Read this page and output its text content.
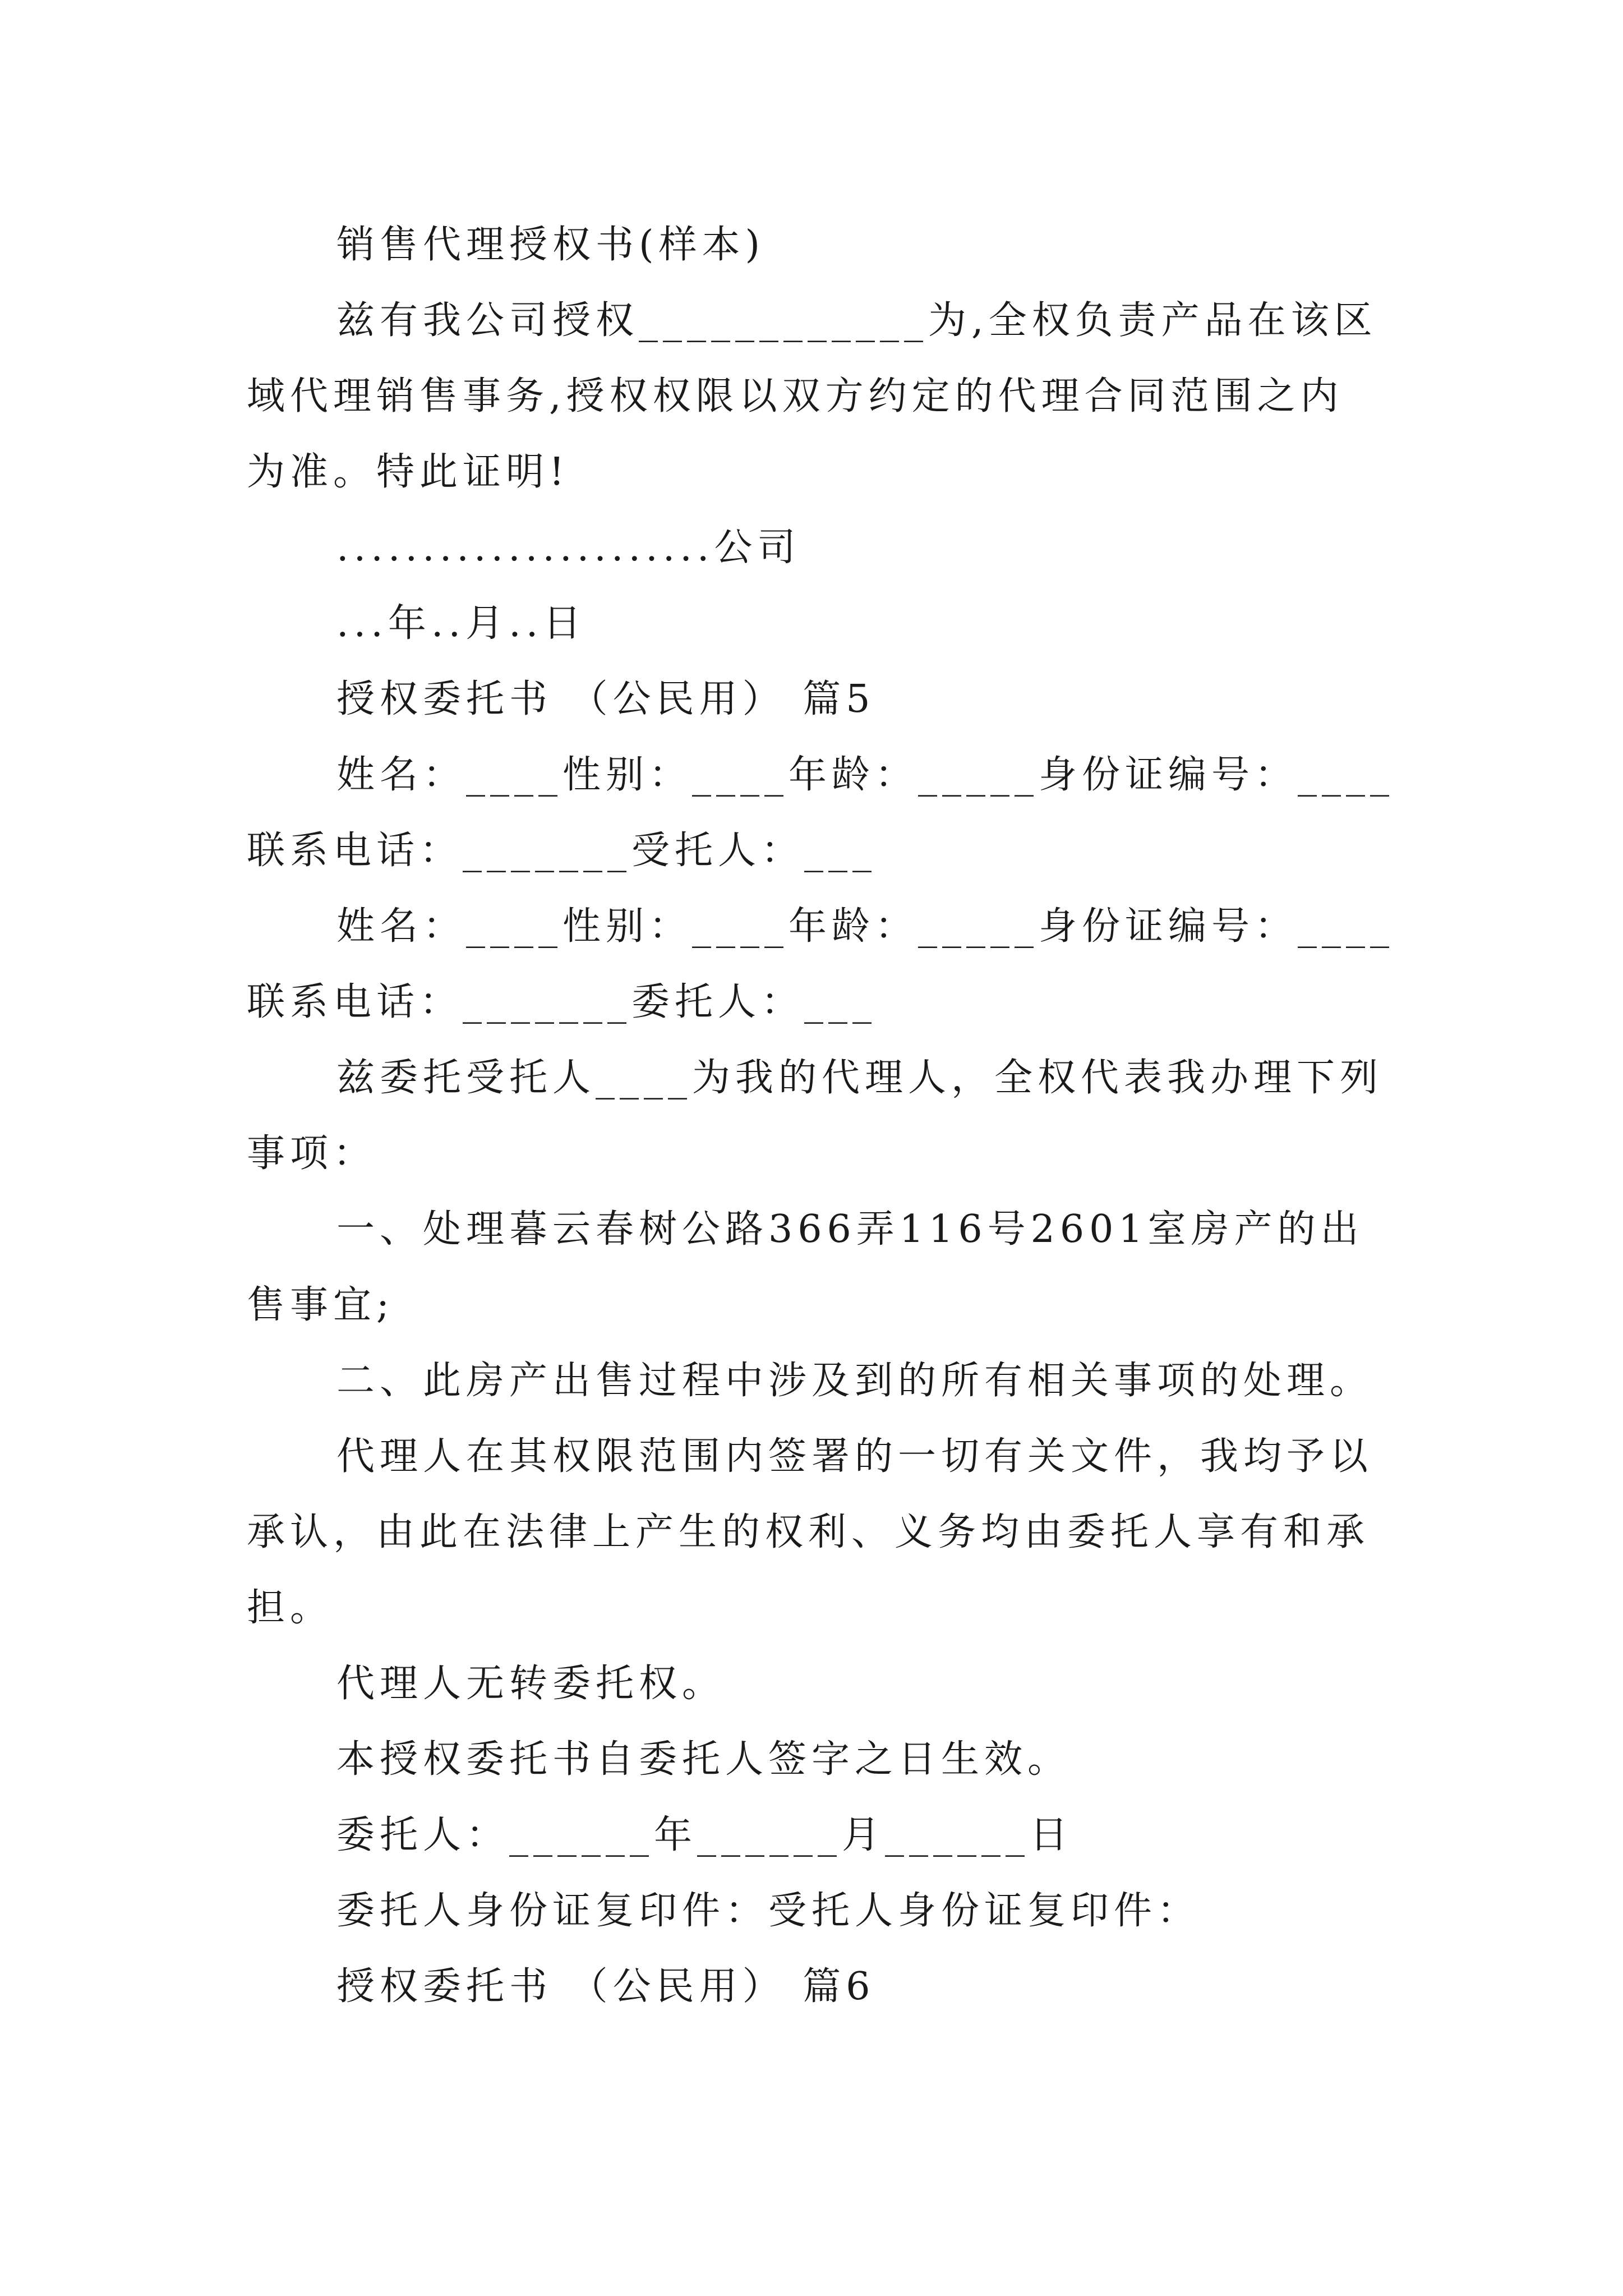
销售代理授权书(样本)
兹有我公司授权____________为,全权负责产品在该区
域代理销售事务,授权权限以双方约定的代理合同范围之内
为准。特此证明!
......................公司
...年..月..日
授权委托书 （公民用） 篇5
姓名：____性别：____年龄：_____身份证编号：____
联系电话：_______受托人：___
姓名：____性别：____年龄：_____身份证编号：____
联系电话：_______委托人：___
兹委托受托人____为我的代理人，全权代表我办理下列
事项：
一、处理暮云春树公路366弄116号2601室房产的出
售事宜;
二、此房产出售过程中涉及到的所有相关事项的处理。
代理人在其权限范围内签署的一切有关文件，我均予以
承认，由此在法律上产生的权利、义务均由委托人享有和承
担。
代理人无转委托权。
本授权委托书自委托人签字之日生效。
委托人：______年______月______日
委托人身份证复印件：受托人身份证复印件：
授权委托书 （公民用） 篇6
